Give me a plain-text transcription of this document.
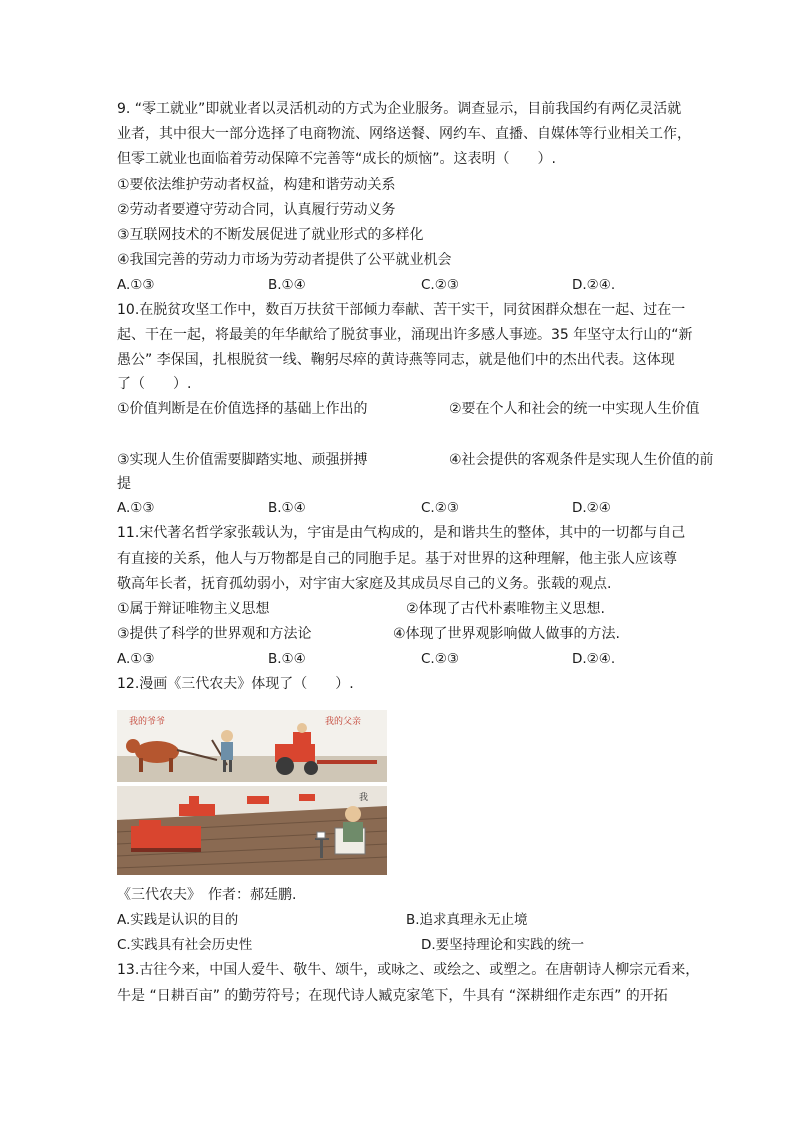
9. “零工就业”即就业者以灵活机动的方式为企业服务。调查显示，目前我国约有两亿灵活就
业者，其中很大一部分选择了电商物流、网络送餐、网约车、直播、自媒体等行业相关工作，
但零工就业也面临着劳动保障不完善等“成长的烦恼”。这表明（　　）.
①要依法维护劳动者权益，构建和谐劳动关系
②劳动者要遵守劳动合同，认真履行劳动义务
③互联网技术的不断发展促进了就业形式的多样化
④我国完善的劳动力市场为劳动者提供了公平就业机会
A.①③	B.①④	C.②③	D.②④.
10.在脱贫攻坚工作中，数百万扶贫干部倾力奉献、苦干实干，同贫困群众想在一起、过在一
起、干在一起，将最美的年华献给了脱贫事业，涌现出许多感人事迹。35 年坚守太行山的“新
愚公” 李保国，扎根脱贫一线、鞠躬尽瘁的黄诗燕等同志，就是他们中的杰出代表。这体现
了（　　）.
①价值判断是在价值选择的基础上作出的	②要在个人和社会的统一中实现人生价值
③实现人生价值需要脚踏实地、顽强拼搏	④社会提供的客观条件是实现人生价值的前
提
A.①③	B.①④	C.②③	D.②④
11.宋代著名哲学家张载认为，宇宙是由气构成的，是和谐共生的整体，其中的一切都与自己
有直接的关系，他人与万物都是自己的同胞手足。基于对世界的这种理解，他主张人应该尊
敬高年长者，抚育孤幼弱小，对宇宙大家庭及其成员尽自己的义务。张载的观点.
①属于辩证唯物主义思想	②体现了古代朴素唯物主义思想.
③提供了科学的世界观和方法论	④体现了世界观影响做人做事的方法.
A.①③	B.①④	C.②③	D.②④.
12.漫画《三代农夫》体现了（　　）.
我的爷爷	我的父亲
我
《三代农夫》　作者：郝廷鹏.
A.实践是认识的目的	B.追求真理永无止境
C.实践具有社会历史性	D.要坚持理论和实践的统一
13.古往今来，中国人爱牛、敬牛、颂牛，或咏之、或绘之、或塑之。在唐朝诗人柳宗元看来，
牛是 “日耕百亩” 的勤劳符号；在现代诗人臧克家笔下，牛具有 “深耕细作走东西” 的开拓
